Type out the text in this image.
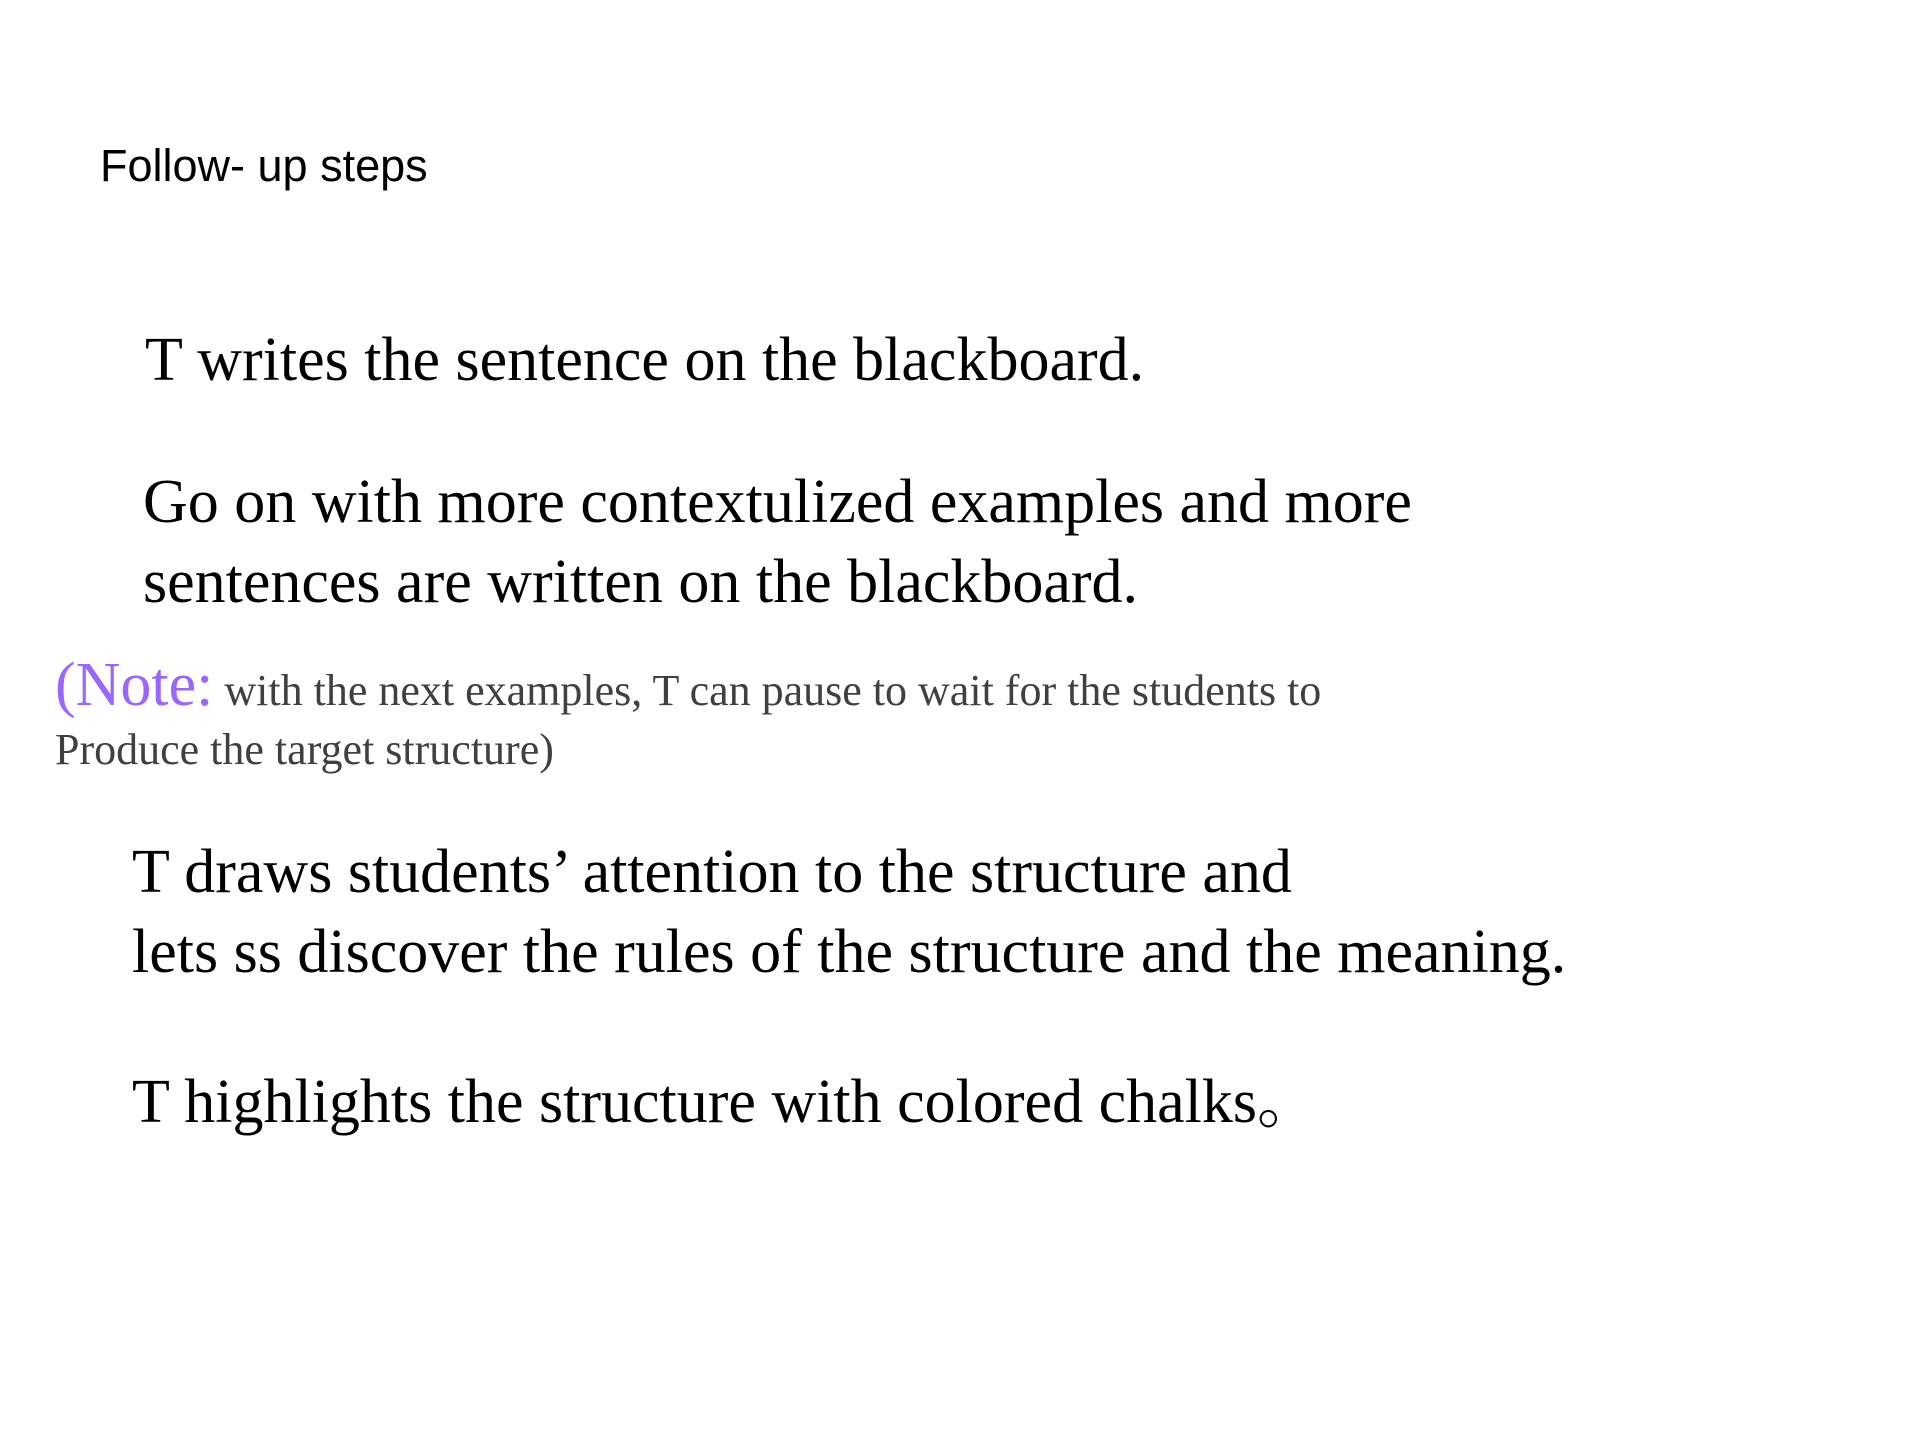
Follow- up steps
T writes the sentence on the blackboard.
Go on with more contextulized examples and more
sentences are written on the blackboard.
(Note: with the next examples, T can pause to wait for the students to
Produce the target structure)
T draws students’ attention to the structure and
lets ss discover the rules of the structure and the meaning.
T highlights the structure with colored chalks。
